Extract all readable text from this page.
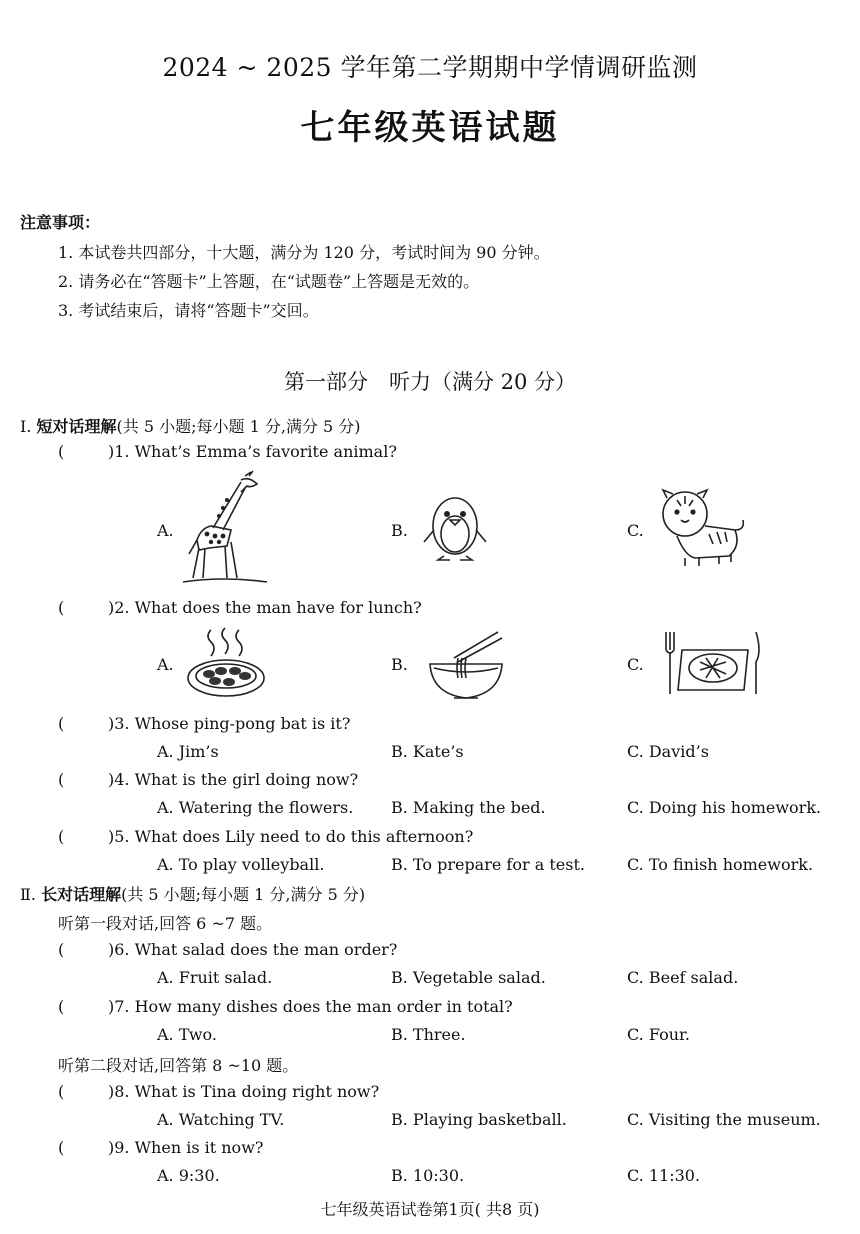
2024 ~ 2025 学年第二学期期中学情调研监测
七年级英语试题
注意事项：
1. 本试卷共四部分，十大题，满分为 120 分，考试时间为 90 分钟。
2. 请务必在“答题卡”上答题，在“试题卷”上答题是无效的。
3. 考试结束后，请将“答题卡”交回。
第一部分　听力（满分 20 分）
Ⅰ. 短对话理解(共 5 小题;每小题 1 分,满分 5 分)
(	)1. What’s Emma’s favorite animal?
A.	B.	C.
(	)2. What does the man have for lunch?
A.	B.	C.
(	)3. Whose ping-pong bat is it?
A. Jim’s	B. Kate’s	C. David’s
(	)4. What is the girl doing now?
A. Watering the flowers. B. Making the bed.	C. Doing his homework.
(	)5. What does Lily need to do this afternoon?
A. To play volleyball.	B. To prepare for a test.	C. To finish homework.
Ⅱ. 长对话理解(共 5 小题;每小题 1 分,满分 5 分)
听第一段对话,回答 6 ~7 题。
(	)6. What salad does the man order?
A. Fruit salad.	B. Vegetable salad.	C. Beef salad.
(	)7. How many dishes does the man order in total?
A. Two.	B. Three.	C. Four.
听第二段对话,回答第 8 ~10 题。
(	)8. What is Tina doing right now?
A. Watching TV.	B. Playing basketball.	C. Visiting the museum.
(	)9. When is it now?
A. 9:30.	B. 10:30.	C. 11:30.
七年级英语试卷第1页( 共8 页)
